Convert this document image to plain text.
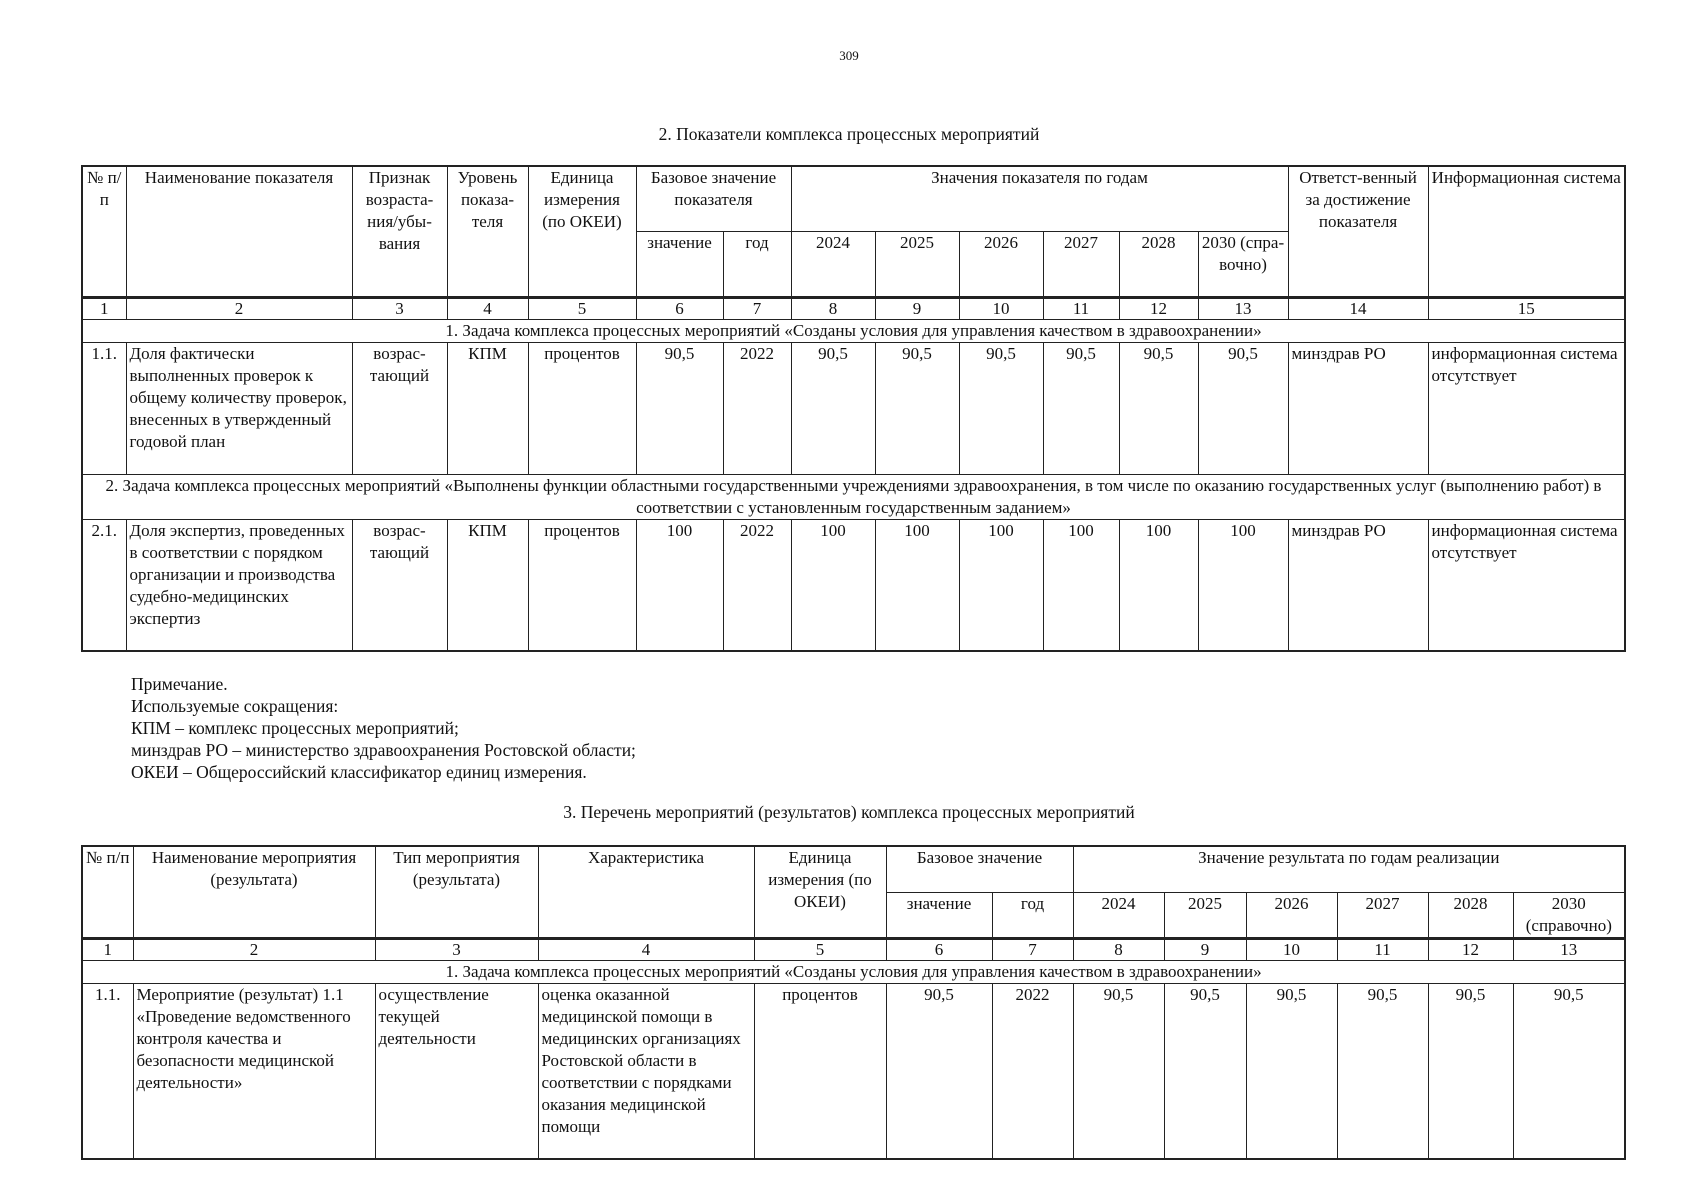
309
2. Показатели комплекса процессных мероприятий
№ п/п	Наименование показателя	Признак возраста-ния/убы-вания	Уровень показа-теля	Единица измерения (по ОКЕИ)	Базовое значение показателя		Значения показателя по годам						Ответст-венный за достижение показателя	Информационная система
					значение	год	2024	2025	2026	2027	2028	2030 (спра-вочно)		
1	2	3	4	5	6	7	8	9	10	11	12	13	14	15
1. Задача комплекса процессных мероприятий «Созданы условия для управления качеством в здравоохранении»														
1.1.	Доля фактически выполненных проверок к общему количеству проверок, внесенных в утвержденный годовой план	возрас-тающий	КПМ	процентов	90,5	2022	90,5	90,5	90,5	90,5	90,5	90,5	минздрав РО	информационная система отсутствует
2. Задача комплекса процессных мероприятий «Выполнены функции областными государственными учреждениями здравоохранения, в том числе по оказанию государственных услуг (выполнению работ) в соответствии с установленным государственным заданием»														
2.1.	Доля экспертиз, проведенных в соответствии с порядком организации и производства судебно-медицинских экспертиз	возрас-тающий	КПМ	процентов	100	2022	100	100	100	100	100	100	минздрав РО	информационная система отсутствует
Примечание.
Используемые сокращения:
КПМ – комплекс процессных мероприятий;
минздрав РО – министерство здравоохранения Ростовской области;
ОКЕИ – Общероссийский классификатор единиц измерения.
3. Перечень мероприятий (результатов) комплекса процессных мероприятий
№ п/п	Наименование мероприятия (результата)	Тип мероприятия (результата)	Характеристика	Единица измерения (по ОКЕИ)	Базовое значение		Значение результата по годам реализации					
					значение	год	2024	2025	2026	2027	2028	2030 (справочно)
1	2	3	4	5	6	7	8	9	10	11	12	13
1. Задача комплекса процессных мероприятий «Созданы условия для управления качеством в здравоохранении»												
1.1.	Мероприятие (результат) 1.1 «Проведение ведомственного контроля качества и безопасности медицинской деятельности»	осуществление текущей деятельности	оценка оказанной медицинской помощи в медицинских организациях Ростовской области в соответствии с порядками оказания медицинской помощи	процентов	90,5	2022	90,5	90,5	90,5	90,5	90,5	90,5
